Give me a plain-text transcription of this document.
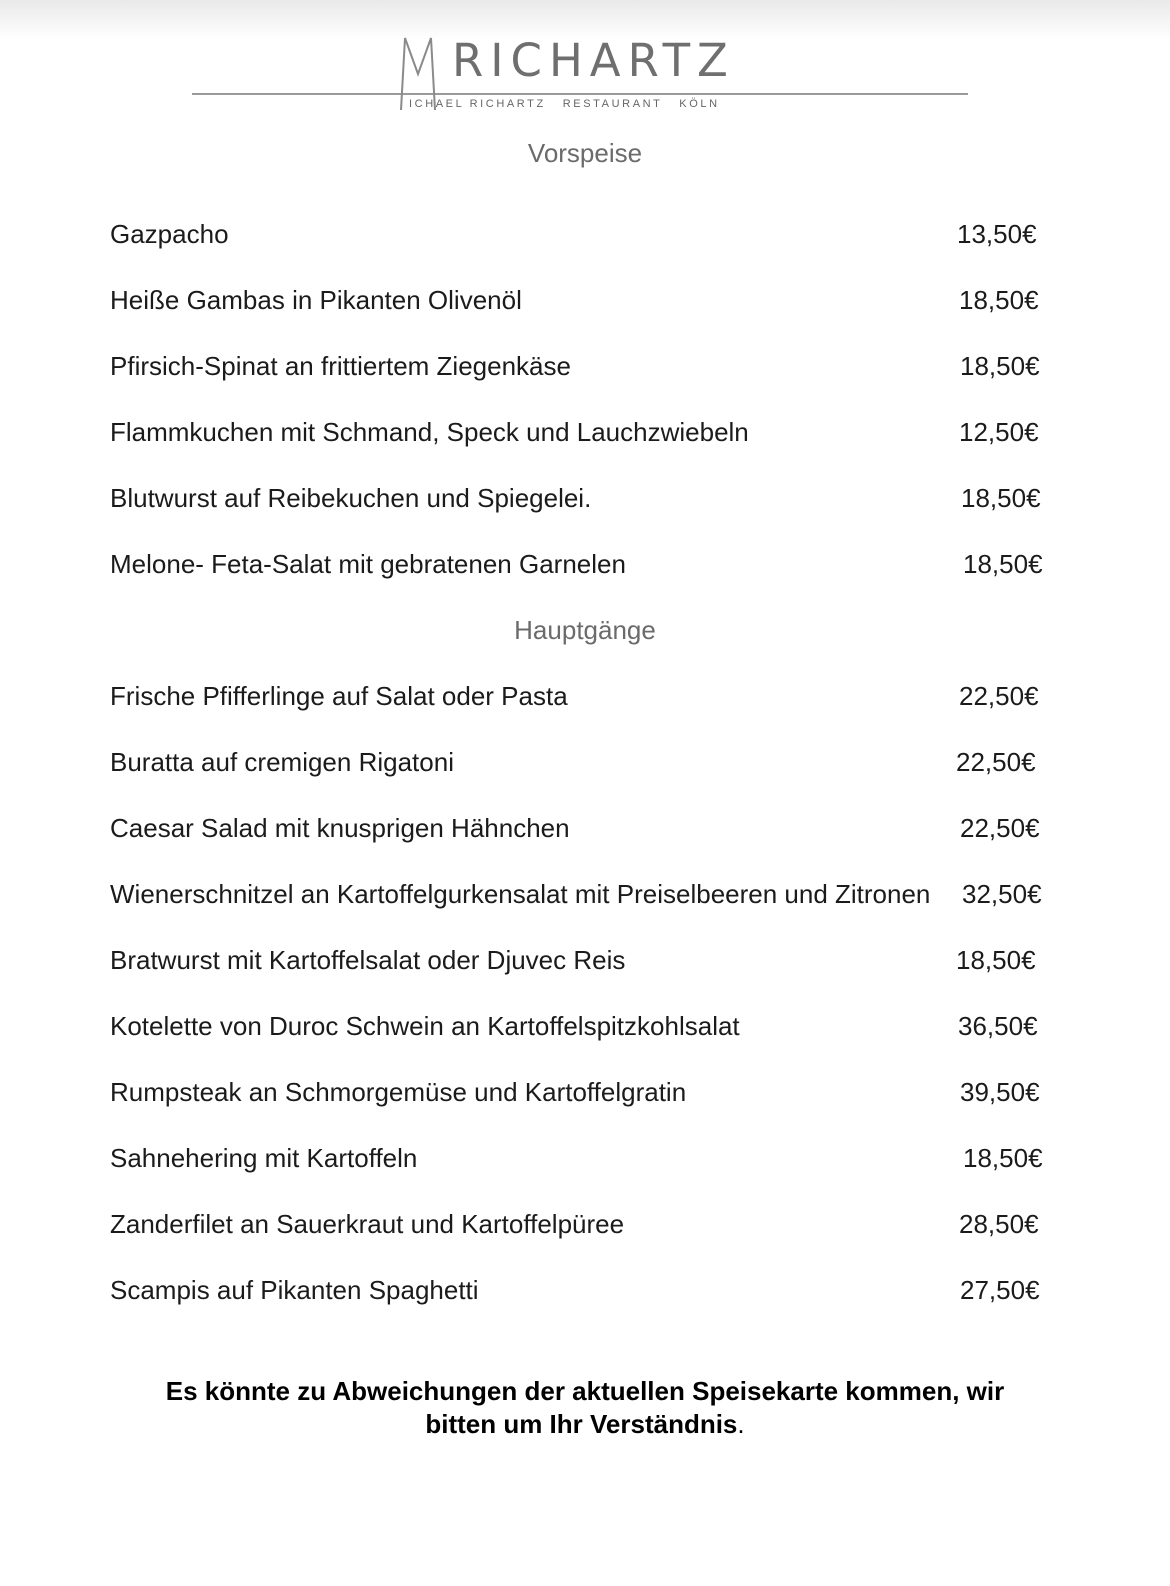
RICHARTZ
ICHAEL RICHARTZ   RESTAURANT   KÖLN
Vorspeise
Gazpacho	13,50€
Heiße Gambas in Pikanten Olivenöl	18,50€
Pfirsich-Spinat an frittiertem Ziegenkäse	18,50€
Flammkuchen mit Schmand, Speck und Lauchzwiebeln	12,50€
Blutwurst auf Reibekuchen und Spiegelei.	18,50€
Melone- Feta-Salat mit gebratenen Garnelen	18,50€
Hauptgänge
Frische Pfifferlinge auf Salat oder Pasta	22,50€
Buratta auf cremigen Rigatoni	22,50€
Caesar Salad mit knusprigen Hähnchen	22,50€
Wienerschnitzel an Kartoffelgurkensalat mit Preiselbeeren und Zitronen 32,50€
Bratwurst mit Kartoffelsalat oder Djuvec Reis	18,50€
Kotelette von Duroc Schwein an Kartoffelspitzkohlsalat	36,50€
Rumpsteak an Schmorgemüse und Kartoffelgratin	39,50€
Sahnehering mit Kartoffeln	18,50€
Zanderfilet an Sauerkraut und Kartoffelpüree	28,50€
Scampis auf Pikanten Spaghetti	27,50€
Es könnte zu Abweichungen der aktuellen Speisekarte kommen, wir
bitten um Ihr Verständnis.
